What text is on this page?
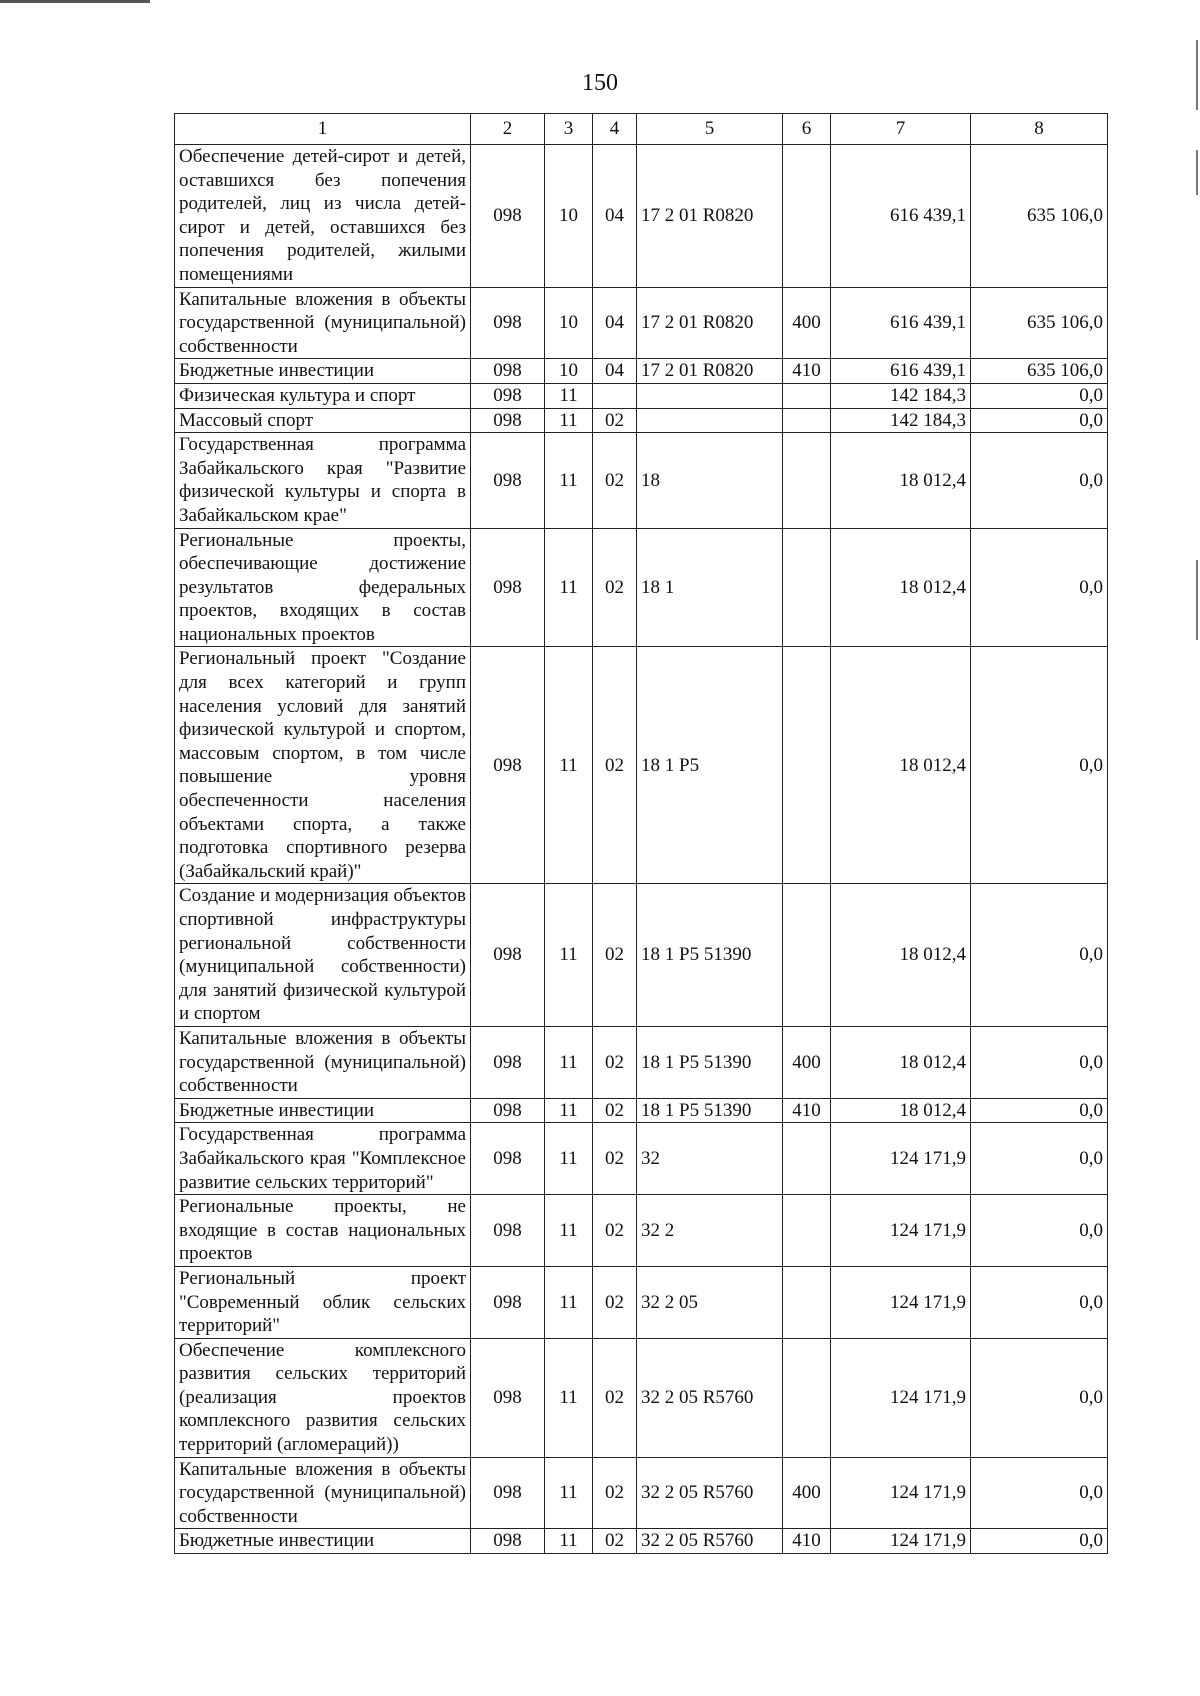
150
1	2	3	4	5	6	7	8
Обеспечение детей-сирот и детей, оставшихся без попечения родителей, лиц из числа детей-сирот и детей, оставшихся без попечения родителей, жилыми помещениями	098	10	04	17 2 01 R0820		616 439,1	635 106,0
Капитальные вложения в объекты государственной (муниципальной) собственности	098	10	04	17 2 01 R0820	400	616 439,1	635 106,0
Бюджетные инвестиции	098	10	04	17 2 01 R0820	410	616 439,1	635 106,0
Физическая культура и спорт	098	11				142 184,3	0,0
Массовый спорт	098	11	02			142 184,3	0,0
Государственная программа Забайкальского края "Развитие физической культуры и спорта в Забайкальском крае"	098	11	02	18		18 012,4	0,0
Региональные проекты, обеспечивающие достижение результатов федеральных проектов, входящих в состав национальных проектов	098	11	02	18 1		18 012,4	0,0
Региональный проект "Создание для всех категорий и групп населения условий для занятий физической культурой и спортом, массовым спортом, в том числе повышение уровня обеспеченности населения объектами спорта, а также подготовка спортивного резерва (Забайкальский край)"	098	11	02	18 1 P5		18 012,4	0,0
Создание и модернизация объектов спортивной инфраструктуры региональной собственности (муниципальной собственности) для занятий физической культурой и спортом	098	11	02	18 1 P5 51390		18 012,4	0,0
Капитальные вложения в объекты государственной (муниципальной) собственности	098	11	02	18 1 P5 51390	400	18 012,4	0,0
Бюджетные инвестиции	098	11	02	18 1 P5 51390	410	18 012,4	0,0
Государственная программа Забайкальского края "Комплексное развитие сельских территорий"	098	11	02	32		124 171,9	0,0
Региональные проекты, не входящие в состав национальных проектов	098	11	02	32 2		124 171,9	0,0
Региональный проект "Современный облик сельских территорий"	098	11	02	32 2 05		124 171,9	0,0
Обеспечение комплексного развития сельских территорий (реализация проектов комплексного развития сельских территорий (агломераций))	098	11	02	32 2 05 R5760		124 171,9	0,0
Капитальные вложения в объекты государственной (муниципальной) собственности	098	11	02	32 2 05 R5760	400	124 171,9	0,0
Бюджетные инвестиции	098	11	02	32 2 05 R5760	410	124 171,9	0,0
